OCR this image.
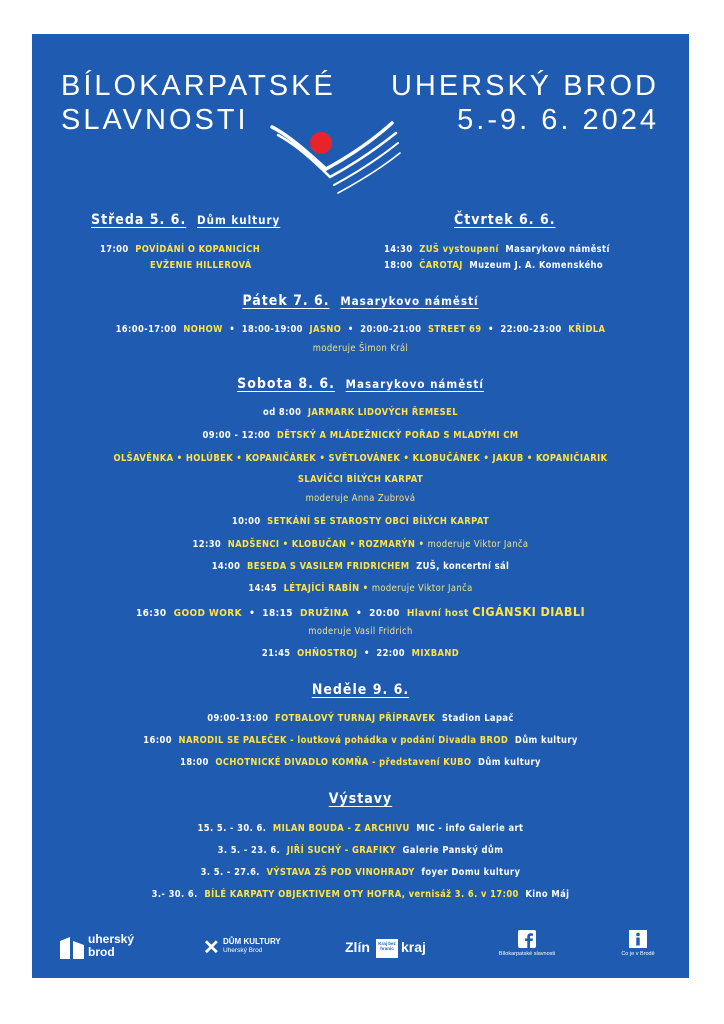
BÍLOKARPATSKÉ
SLAVNOSTI
UHERSKÝ BROD
5.-9. 6. 2024
Středa 5. 6. Dům kultury
17:00 POVÍDÁNÍ O KOPANICÍCH
EVŽENIE HILLEROVÁ
Čtvrtek 6. 6.
14:30 ZUŠ vystoupení Masarykovo náměstí
18:00 ČAROTAJ Muzeum J. A. Komenského
Pátek 7. 6. Masarykovo náměstí
16:00-17:00 NOHOW • 18:00-19:00 JASNO • 20:00-21:00 STREET 69 • 22:00-23:00 KŘÍDLA
moderuje Šimon Král
Sobota 8. 6. Masarykovo náměstí
od 8:00 JARMARK LIDOVÝCH ŘEMESEL
09:00 - 12:00 DĚTSKÝ A MLÁDEŽNICKÝ POŘAD S MLADÝMI CM
OLŠAVĚNKA • HOLÚBEK • KOPANIČÁREK • SVĚTLOVÁNEK • KLOBUČÁNEK • JAKUB • KOPANIČIARIK
SLAVÍČCI BÍLÝCH KARPAT
moderuje Anna Zubrová
10:00 SETKÁNÍ SE STAROSTY OBCÍ BÍLÝCH KARPAT
12:30 NADŠENCI • KLOBUČAN • ROZMARÝN • moderuje Viktor Janča
14:00 BESEDA S VASILEM FRIDRICHEM ZUŠ, koncertní sál
14:45 LÉTAJÍCÍ RABÍN • moderuje Viktor Janča
16:30 GOOD WORK • 18:15 DRUŽINA • 20:00 Hlavní host CIGÁNSKI DIABLI
moderuje Vasil Fridrich
21:45 OHŇOSTROJ • 22:00 MIXBAND
Neděle 9. 6.
09:00-13:00 FOTBALOVÝ TURNAJ PŘÍPRAVEK Stadion Lapač
16:00 NARODIL SE PALEČEK - loutková pohádka v podání Divadla BROD Dům kultury
18:00 OCHOTNICKÉ DIVADLO KOMŇA - představení KUBO Dům kultury
Výstavy
15. 5. - 30. 6. MILAN BOUDA - Z ARCHIVU MIC - info Galerie art
3. 5. - 23. 6. JIŘÍ SUCHÝ - GRAFIKY Galerie Panský dům
3. 5. - 27.6. VÝSTAVA ZŠ POD VINOHRADY foyer Domu kultury
3.- 30. 6. BÍLÉ KARPATY OBJEKTIVEM OTY HOFRA, vernisáž 3. 6. v 17:00 Kino Máj
uherský
brod	✕ DŮM KULTURY
Uherský Brod	Zlín	Kraj bez hranic kraj	Bílokarpatské slavnosti	Co je v Brodě
